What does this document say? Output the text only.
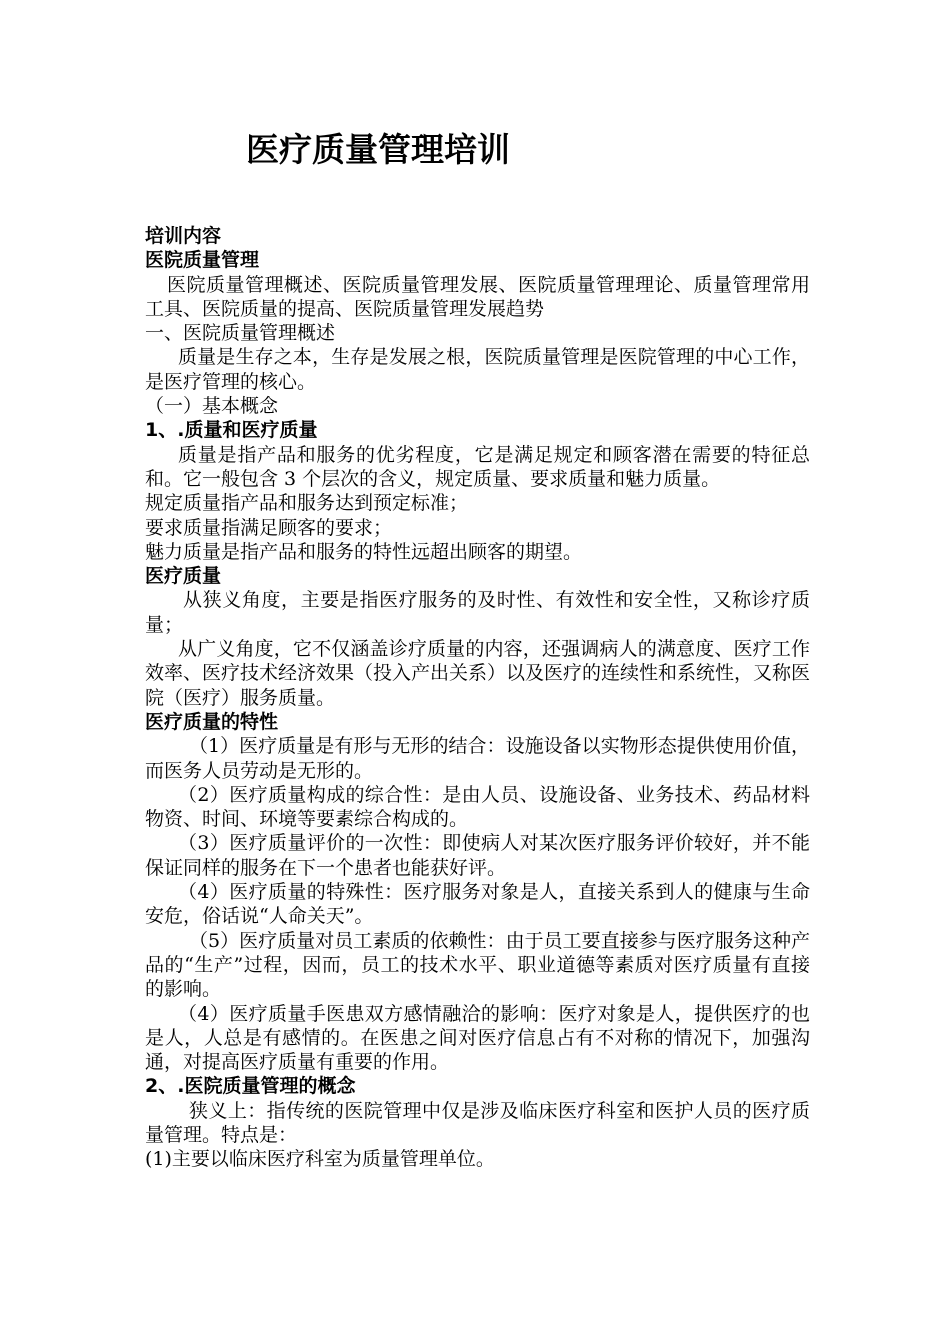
医疗质量管理培训

培训内容

医院质量管理

医院质量管理概述、医院质量管理发展、医院质量管理理论、质量管理常用工具、医院质量的提高、医院质量管理发展趋势

一、医院质量管理概述

质量是生存之本，生存是发展之根，医院质量管理是医院管理的中心工作，是医疗管理的核心。

（一）基本概念

1、.质量和医疗质量

质量是指产品和服务的优劣程度，它是满足规定和顾客潜在需要的特征总和。它一般包含 3 个层次的含义，规定质量、要求质量和魅力质量。

规定质量指产品和服务达到预定标准；

要求质量指满足顾客的要求；

魅力质量是指产品和服务的特性远超出顾客的期望。

医疗质量

从狭义角度，主要是指医疗服务的及时性、有效性和安全性，又称诊疗质量；

从广义角度，它不仅涵盖诊疗质量的内容，还强调病人的满意度、医疗工作效率、医疗技术经济效果（投入产出关系）以及医疗的连续性和系统性，又称医院（医疗）服务质量。

医疗质量的特性

（1）医疗质量是有形与无形的结合：设施设备以实物形态提供使用价值，而医务人员劳动是无形的。

（2）医疗质量构成的综合性：是由人员、设施设备、业务技术、药品材料物资、时间、环境等要素综合构成的。

（3）医疗质量评价的一次性：即使病人对某次医疗服务评价较好，并不能保证同样的服务在下一个患者也能获好评。

（4）医疗质量的特殊性：医疗服务对象是人，直接关系到人的健康与生命安危，俗话说“人命关天”。

（5）医疗质量对员工素质的依赖性：由于员工要直接参与医疗服务这种产品的“生产”过程，因而，员工的技术水平、职业道德等素质对医疗质量有直接的影响。

（4）医疗质量手医患双方感情融洽的影响：医疗对象是人，提供医疗的也是人，人总是有感情的。在医患之间对医疗信息占有不对称的情况下，加强沟通，对提高医疗质量有重要的作用。

2、.医院质量管理的概念

狭义上：指传统的医院管理中仅是涉及临床医疗科室和医护人员的医疗质量管理。特点是：

(1)主要以临床医疗科室为质量管理单位。
